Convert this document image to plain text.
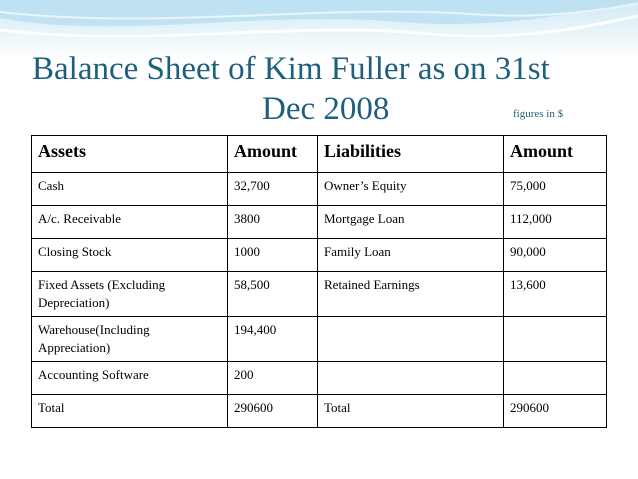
Balance Sheet of Kim Fuller as on 31st
Dec 2008	figures in $
Assets	Amount	Liabilities	Amount
Cash	32,700	Owner’s Equity	75,000
A/c. Receivable	3800	Mortgage Loan	112,000
Closing Stock	1000	Family Loan	90,000
Fixed Assets (Excluding Depreciation)	58,500	Retained Earnings	13,600
Warehouse(Including Appreciation)	194,400		
Accounting Software	200		
Total	290600	Total	290600
